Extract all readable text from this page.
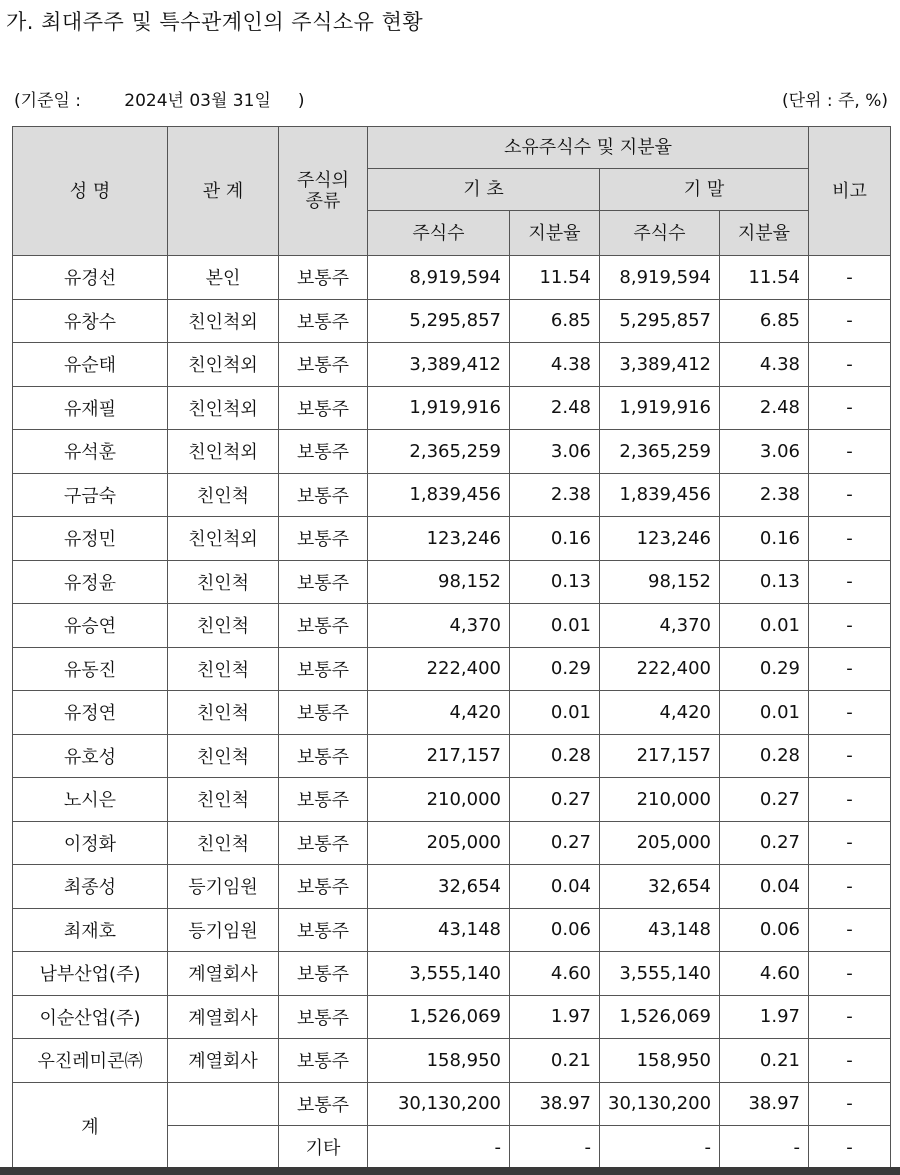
가. 최대주주 및 특수관계인의 주식소유 현황
(기준일 :        2024년 03월 31일     )	(단위 : 주, %)
성 명	관 계	주식의 종류	소유주식수 및 지분율				비고
			기 초		기 말		
			주식수	지분율	주식수	지분율	
유경선	본인	보통주	8,919,594	11.54	8,919,594	11.54	-
유창수	친인척외	보통주	5,295,857	6.85	5,295,857	6.85	-
유순태	친인척외	보통주	3,389,412	4.38	3,389,412	4.38	-
유재필	친인척외	보통주	1,919,916	2.48	1,919,916	2.48	-
유석훈	친인척외	보통주	2,365,259	3.06	2,365,259	3.06	-
구금숙	친인척	보통주	1,839,456	2.38	1,839,456	2.38	-
유정민	친인척외	보통주	123,246	0.16	123,246	0.16	-
유정윤	친인척	보통주	98,152	0.13	98,152	0.13	-
유승연	친인척	보통주	4,370	0.01	4,370	0.01	-
유동진	친인척	보통주	222,400	0.29	222,400	0.29	-
유정연	친인척	보통주	4,420	0.01	4,420	0.01	-
유호성	친인척	보통주	217,157	0.28	217,157	0.28	-
노시은	친인척	보통주	210,000	0.27	210,000	0.27	-
이정화	친인척	보통주	205,000	0.27	205,000	0.27	-
최종성	등기임원	보통주	32,654	0.04	32,654	0.04	-
최재호	등기임원	보통주	43,148	0.06	43,148	0.06	-
남부산업(주)	계열회사	보통주	3,555,140	4.60	3,555,140	4.60	-
이순산업(주)	계열회사	보통주	1,526,069	1.97	1,526,069	1.97	-
우진레미콘㈜	계열회사	보통주	158,950	0.21	158,950	0.21	-
계		보통주	30,130,200	38.97	30,130,200	38.97	-
		기타	-	-	-	-	-
